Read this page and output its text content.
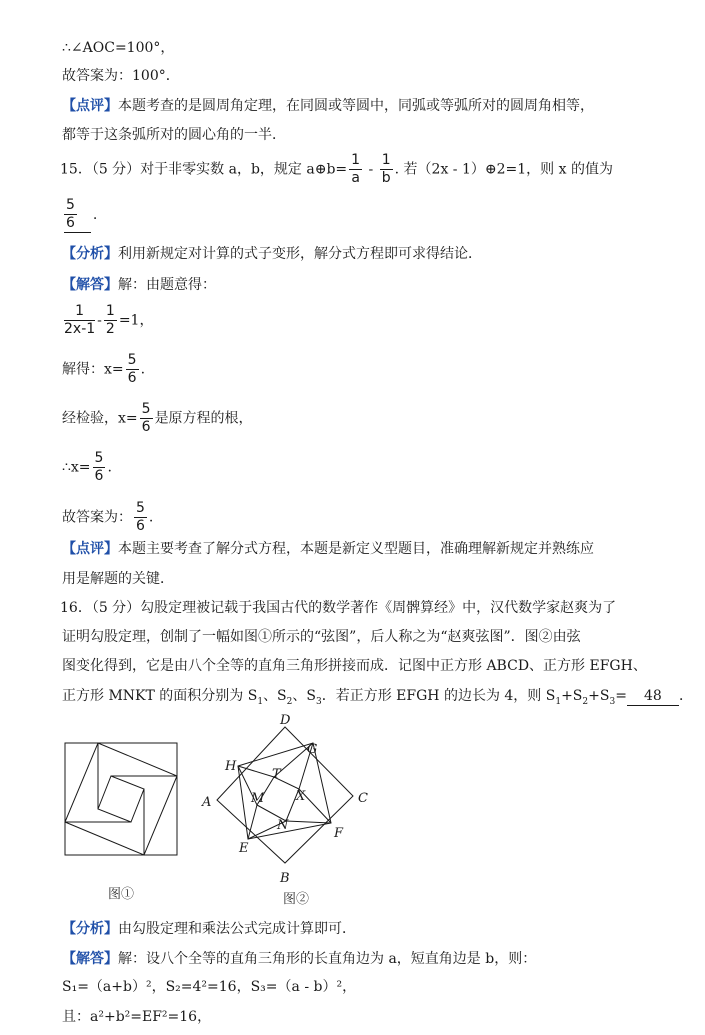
∴∠AOC=100°，
故答案为：100°．
【点评】本题考查的是圆周角定理，在同圆或等圆中，同弧或等弧所对的圆周角相等，
都等于这条弧所对的圆心角的一半．
15．（5 分）对于非零实数 a，b，规定 a⊕b= $\frac{1}{a} - \frac{1}{b}$ . 若（2x - 1）⊕2=1，则 x 的值为
$\frac{5}{6}$ .
【分析】利用新规定对计算的式子变形，解分式方程即可求得结论．
【解答】解：由题意得：
$\frac{1}{2x-1} - \frac{1}{2} =1$，
解得：$x= \frac{5}{6}$ .
经检验，$x= \frac{5}{6}$ 是原方程的根，
∴x= $\frac{5}{6}$ .
故答案为： $\frac{5}{6}$ .
【点评】本题主要考查了解分式方程，本题是新定义型题目，准确理解新规定并熟练应
用是解题的关键．
16．（5 分）勾股定理被记载于我国古代的数学著作《周髀算经》中，汉代数学家赵爽为了
证明勾股定理，创制了一幅如图①所示的“弦图”，后人称之为“赵爽弦图”．图②由弦
图变化得到，它是由八个全等的直角三角形拼接而成．记图中正方形 ABCD、正方形 EFGH、
正方形 MNKT 的面积分别为 $S_1$、$S_2$、$S_3$．若正方形 EFGH 的边长为 4，则 $S_1+S_2+S_3= 48$ ．
图①
A
B
C
D
E
F
G
H
M
N
T
X
图②
【分析】由勾股定理和乘法公式完成计算即可．
【解答】解：设八个全等的直角三角形的长直角边为 a，短直角边是 b，则：
S₁=（a+b）²，S₂=4²=16，S₃=（a - b）²，
且：a²+b²=EF²=16，
